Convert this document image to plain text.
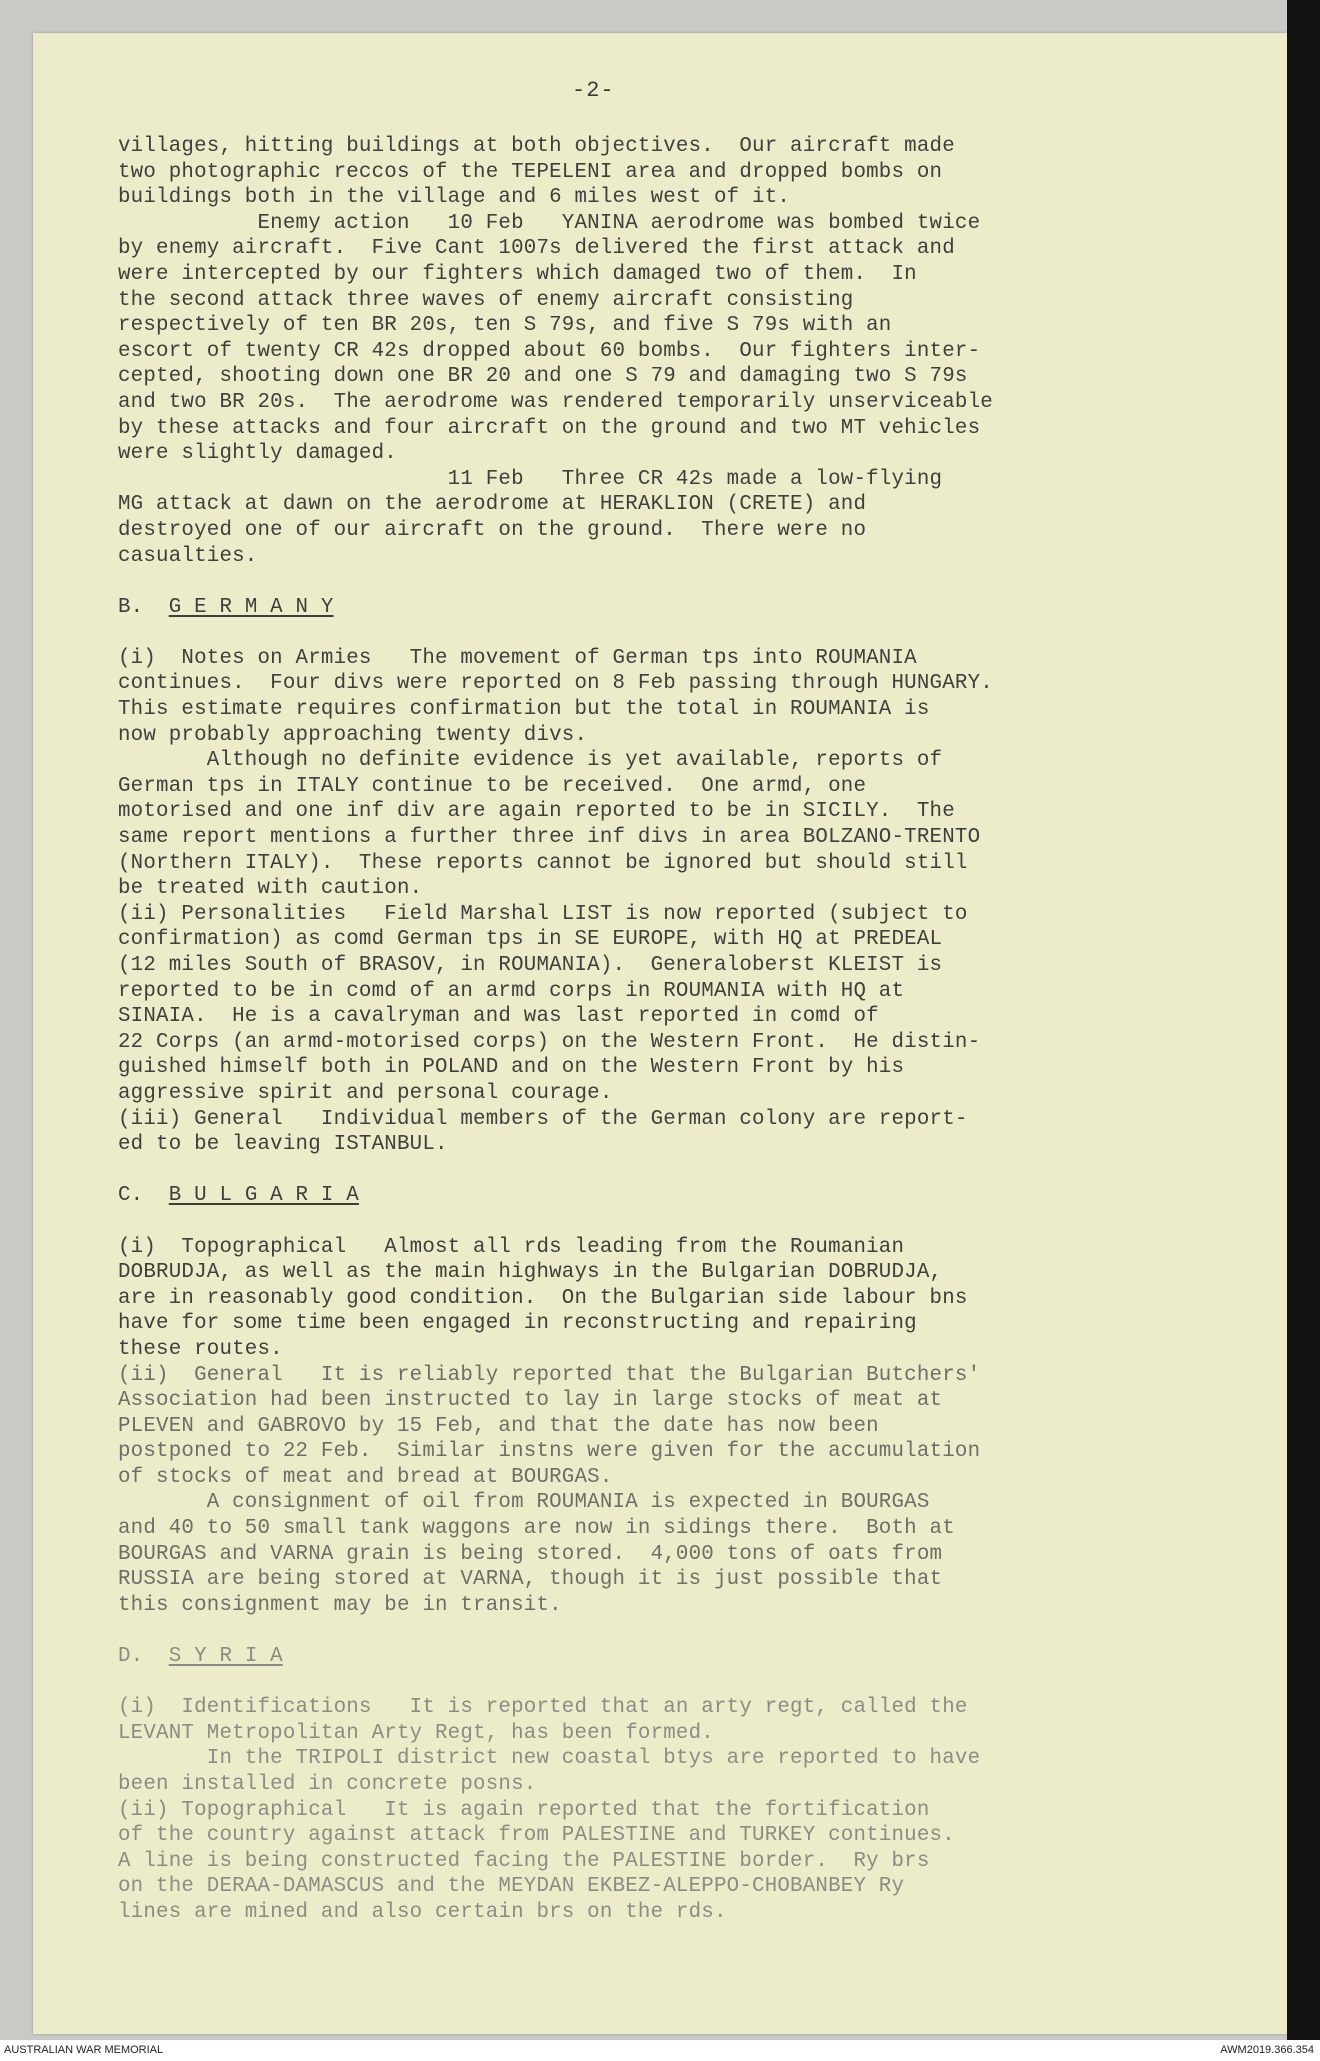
-2-
villages, hitting buildings at both objectives.  Our aircraft made
two photographic reccos of the TEPELENI area and dropped bombs on
buildings both in the village and 6 miles west of it.
Enemy action   10 Feb   YANINA aerodrome was bombed twice
by enemy aircraft.  Five Cant 1007s delivered the first attack and
were intercepted by our fighters which damaged two of them.  In
the second attack three waves of enemy aircraft consisting
respectively of ten BR 20s, ten S 79s, and five S 79s with an
escort of twenty CR 42s dropped about 60 bombs.  Our fighters inter-
cepted, shooting down one BR 20 and one S 79 and damaging two S 79s
and two BR 20s.  The aerodrome was rendered temporarily unserviceable
by these attacks and four aircraft on the ground and two MT vehicles
were slightly damaged.
11 Feb   Three CR 42s made a low-flying
MG attack at dawn on the aerodrome at HERAKLION (CRETE) and
destroyed one of our aircraft on the ground.  There were no
casualties.
B.  G E R M A N Y
(i)  Notes on Armies   The movement of German tps into ROUMANIA
continues.  Four divs were reported on 8 Feb passing through HUNGARY.
This estimate requires confirmation but the total in ROUMANIA is
now probably approaching twenty divs.
Although no definite evidence is yet available, reports of
German tps in ITALY continue to be received.  One armd, one
motorised and one inf div are again reported to be in SICILY.  The
same report mentions a further three inf divs in area BOLZANO-TRENTO
(Northern ITALY).  These reports cannot be ignored but should still
be treated with caution.
(ii) Personalities   Field Marshal LIST is now reported (subject to
confirmation) as comd German tps in SE EUROPE, with HQ at PREDEAL
(12 miles South of BRASOV, in ROUMANIA).  Generaloberst KLEIST is
reported to be in comd of an armd corps in ROUMANIA with HQ at
SINAIA.  He is a cavalryman and was last reported in comd of
22 Corps (an armd-motorised corps) on the Western Front.  He distin-
guished himself both in POLAND and on the Western Front by his
aggressive spirit and personal courage.
(iii) General   Individual members of the German colony are report-
ed to be leaving ISTANBUL.
C.  B U L G A R I A
(i)  Topographical   Almost all rds leading from the Roumanian
DOBRUDJA, as well as the main highways in the Bulgarian DOBRUDJA,
are in reasonably good condition.  On the Bulgarian side labour bns
have for some time been engaged in reconstructing and repairing
these routes.
(ii)  General   It is reliably reported that the Bulgarian Butchers'
Association had been instructed to lay in large stocks of meat at
PLEVEN and GABROVO by 15 Feb, and that the date has now been
postponed to 22 Feb.  Similar instns were given for the accumulation
of stocks of meat and bread at BOURGAS.
A consignment of oil from ROUMANIA is expected in BOURGAS
and 40 to 50 small tank waggons are now in sidings there.  Both at
BOURGAS and VARNA grain is being stored.  4,000 tons of oats from
RUSSIA are being stored at VARNA, though it is just possible that
this consignment may be in transit.
D.  S Y R I A
(i)  Identifications   It is reported that an arty regt, called the
LEVANT Metropolitan Arty Regt, has been formed.
In the TRIPOLI district new coastal btys are reported to have
been installed in concrete posns.
(ii) Topographical   It is again reported that the fortification
of the country against attack from PALESTINE and TURKEY continues.
A line is being constructed facing the PALESTINE border.  Ry brs
on the DERAA-DAMASCUS and the MEYDAN EKBEZ-ALEPPO-CHOBANBEY Ry
lines are mined and also certain brs on the rds.
AUSTRALIAN WAR MEMORIAL	AWM2019.366.354
